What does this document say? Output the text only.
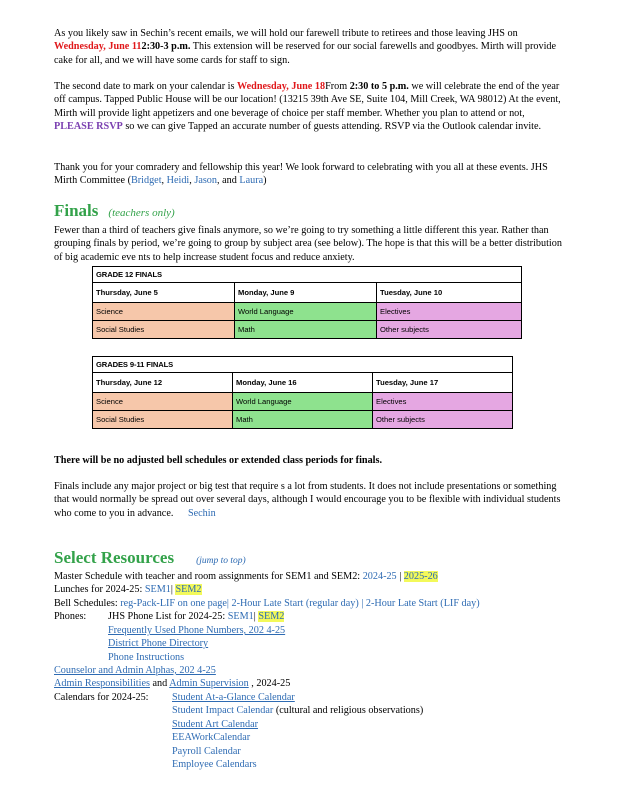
As you likely saw in Sechin’s recent emails, we will hold our farewell tribute to retirees and those leaving JHS on Wednesday, June 112:30-3 p.m. This extension will be reserved for our social farewells and goodbyes. Mirth will provide cake for all, and we will have some cards for staff to sign.
The second date to mark on your calendar is Wednesday, June 18From 2:30 to 5 p.m. we will celebrate the end of the year off campus. Tapped Public House will be our location! (13215 39th Ave SE, Suite 104, Mill Creek, WA 98012) At the event, Mirth will provide light appetizers and one beverage of choice per staff member. Whether you plan to attend or not, PLEASE RSVP so we can give Tapped an accurate number of guests attending. RSVP via the Outlook calendar invite.
Thank you for your comradery and fellowship this year! We look forward to celebrating with you all at these events. JHS Mirth Committee (Bridget, Heidi, Jason, and Laura)
Finals (teachers only)
Fewer than a third of teachers give finals anymore, so we’re going to try something a little different this year. Rather than grouping finals by period, we’re going to group by subject area (see below). The hope is that this will be a better distribution of big academic eve nts to help increase student focus and reduce anxiety.
GRADE 12 FINALS		
Thursday, June 5	Monday, June 9	Tuesday, June 10
Science	World Language	Electives
Social Studies	Math	Other subjects
GRADES 9-11 FINALS		
Thursday, June 12	Monday, June 16	Tuesday, June 17
Science	World Language	Electives
Social Studies	Math	Other subjects
There will be no adjusted bell schedules or extended class periods for finals.
Finals include any major project or big test that require s a lot from students. It does not include presentations or something that would normally be spread out over several days, although I would encourage you to be flexible with individual students who come to you in advance. Sechin
Select Resources (jump to top)
Master Schedule with teacher and room assignments for SEM1 and SEM2: 2024-25 | 2025-26
Lunches for 2024-25: SEM1| SEM2
Bell Schedules: reg-Pack-LIF on one page| 2-Hour Late Start (regular day) | 2-Hour Late Start (LIF day)
Phones: JHS Phone List for 2024-25: SEM1| SEM2
Frequently Used Phone Numbers, 202 4-25
District Phone Directory
Phone Instructions
Counselor and Admin Alphas, 202 4-25
Admin Responsibilities and Admin Supervision , 2024-25
Calendars for 2024-25: Student At-a-Glance Calendar
Student Impact Calendar (cultural and religious observations)
Student Art Calendar
EEAWorkCalendar
Payroll Calendar
Employee Calendars
